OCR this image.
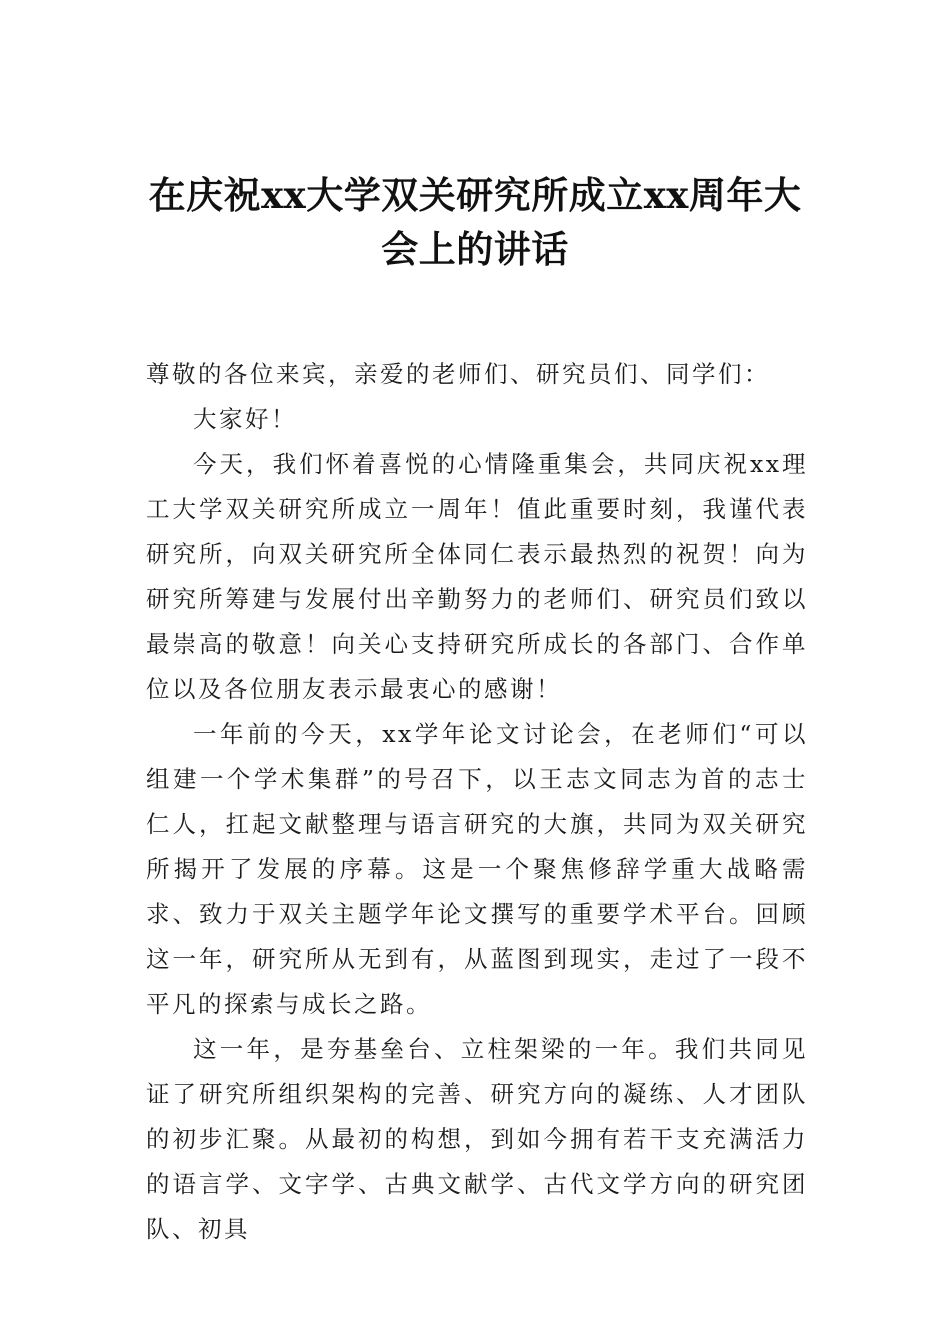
在庆祝xx大学双关研究所成立xx周年大会上的讲话

尊敬的各位来宾，亲爱的老师们、研究员们、同学们：

大家好！

今天，我们怀着喜悦的心情隆重集会，共同庆祝xx理工大学双关研究所成立一周年！值此重要时刻，我谨代表研究所，向双关研究所全体同仁表示最热烈的祝贺！向为研究所筹建与发展付出辛勤努力的老师们、研究员们致以最崇高的敬意！向关心支持研究所成长的各部门、合作单位以及各位朋友表示最衷心的感谢！

一年前的今天，xx学年论文讨论会，在老师们“可以组建一个学术集群”的号召下，以王志文同志为首的志士仁人，扛起文献整理与语言研究的大旗，共同为双关研究所揭开了发展的序幕。这是一个聚焦修辞学重大战略需求、致力于双关主题学年论文撰写的重要学术平台。回顾这一年，研究所从无到有，从蓝图到现实，走过了一段不平凡的探索与成长之路。

这一年，是夯基垒台、立柱架梁的一年。我们共同见证了研究所组织架构的完善、研究方向的凝练、人才团队的初步汇聚。从最初的构想，到如今拥有若干支充满活力的语言学、文字学、古典文献学、古代文学方向的研究团队、初具
